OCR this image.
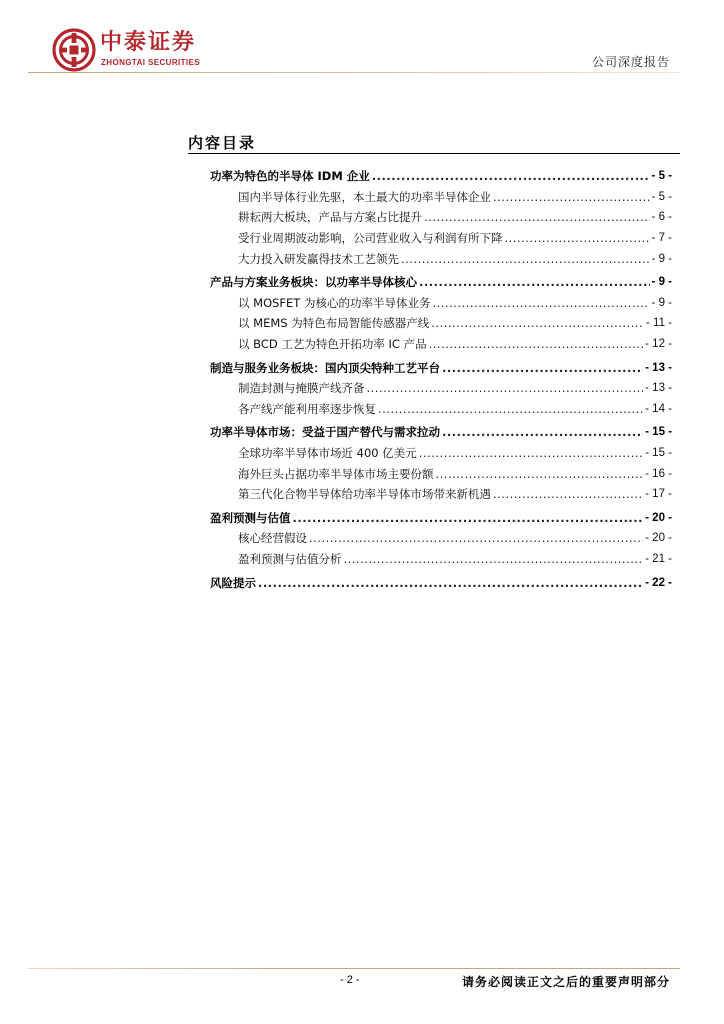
中泰证券
ZHONGTAI SECURITIES	公司深度报告
内容目录
功率为特色的半导体 IDM 企业 .....	- 5 -
国内半导体行业先驱，本土最大的功率半导体企业 .....	- 5 -
耕耘两大板块，产品与方案占比提升 .....	- 6 -
受行业周期波动影响，公司营业收入与利润有所下降 .....	- 7 -
大力投入研发赢得技术工艺领先 .....	- 9 -
产品与方案业务板块：以功率半导体核心 .....	- 9 -
以 MOSFET 为核心的功率半导体业务 .....	- 9 -
以 MEMS 为特色布局智能传感器产线 .....	- 11 -
以 BCD 工艺为特色开拓功率 IC 产品 .....	- 12 -
制造与服务业务板块：国内顶尖特种工艺平台 .....	- 13 -
制造封测与掩膜产线齐备 .....	- 13 -
各产线产能利用率逐步恢复 .....	- 14 -
功率半导体市场：受益于国产替代与需求拉动 .....	- 15 -
全球功率半导体市场近 400 亿美元 .....	- 15 -
海外巨头占据功率半导体市场主要份额 .....	- 16 -
第三代化合物半导体给功率半导体市场带来新机遇 .....	- 17 -
盈利预测与估值 .....	- 20 -
核心经营假设 .....	- 20 -
盈利预测与估值分析 .....	- 21 -
风险提示 .....	- 22 -
- 2 -	请务必阅读正文之后的重要声明部分
